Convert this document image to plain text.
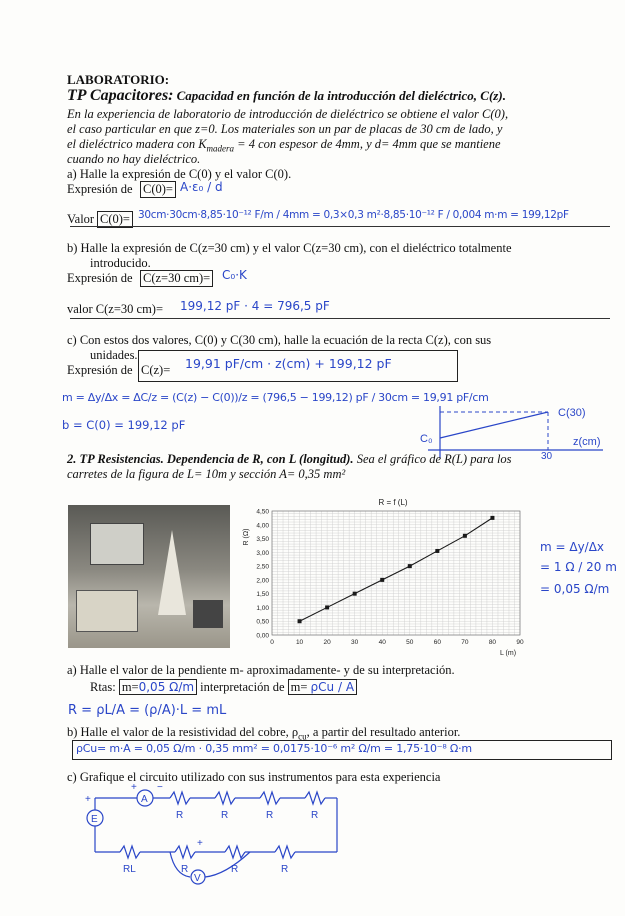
LABORATORIO:
TP Capacitores: Capacidad en función de la introducción del dieléctrico, C(z).
En la experiencia de laboratorio de introducción de dieléctrico se obtiene el valor C(0),
el caso particular en que z=0. Los materiales son un par de placas de 30 cm de lado, y
el dieléctrico madera con $K_{madera} = 4$ con espesor de 4mm, y d= 4mm que se mantiene
cuando no hay dieléctrico.
a) Halle la expresión de C(0) y el valor C(0).
Expresión de C(0)= A·ε₀ / d
Valor C(0)= 30cm·30cm·8,85·10⁻¹² F/m / 4mm = 0,3×0,3 m²·8,85·10⁻¹² F / 0,004 m·m = 199,12pF
b) Halle la expresión de C(z=30 cm) y el valor C(z=30 cm), con el dieléctrico totalmente
introducido.
Expresión de C(z=30 cm)= C₀·K
valor C(z=30 cm)= 199,12 pF · 4 = 796,5 pF
c) Con estos dos valores, C(0) y C(30 cm), halle la ecuación de la recta C(z), con sus
unidades.
Expresión de C(z)= 19,91 pF/cm · z(cm) + 199,12 pF
m = Δy/Δx = ΔC/z = (C(z) − C(0))/z = (796,5 − 199,12) pF / 30cm = 19,91 pF/cm
b = C(0) = 199,12 pF
C(30)
C₀	z(cm)
30
2. TP Resistencias. Dependencia de R, con L (longitud). Sea el gráfico de R(L) para los
carretes de la figura de L= 10m y sección A= 0,35 mm²
R = f (L)
R (Ω)
L (m)
0,00
0,50
1,00
1,50
2,00
2,50
3,00
3,50
4,00
4,50
0	10	20	30	40	50	60	70	80	90
m = Δy/Δx
= 1 Ω / 20 m
= 0,05 Ω/m
a) Halle el valor de la pendiente m- aproximadamente- y de su interpretación.
Rtas: m=0,05 Ω/m interpretación de m= ρCu / A
R = ρL/A = (ρ/A)·L = mL
b) Halle el valor de la resistividad del cobre, $\rho_{cu}$, a partir del resultado anterior.
ρCu= m·A = 0,05 Ω/m · 0,35 mm² = 0,0175·10⁻⁶ m² Ω/m = 1,75·10⁻⁸ Ω·m
c) Grafique el circuito utilizado con sus instrumentos para esta experiencia
A
E
V
R	R	R	R
RL	R	R	R
+
+ −
+
